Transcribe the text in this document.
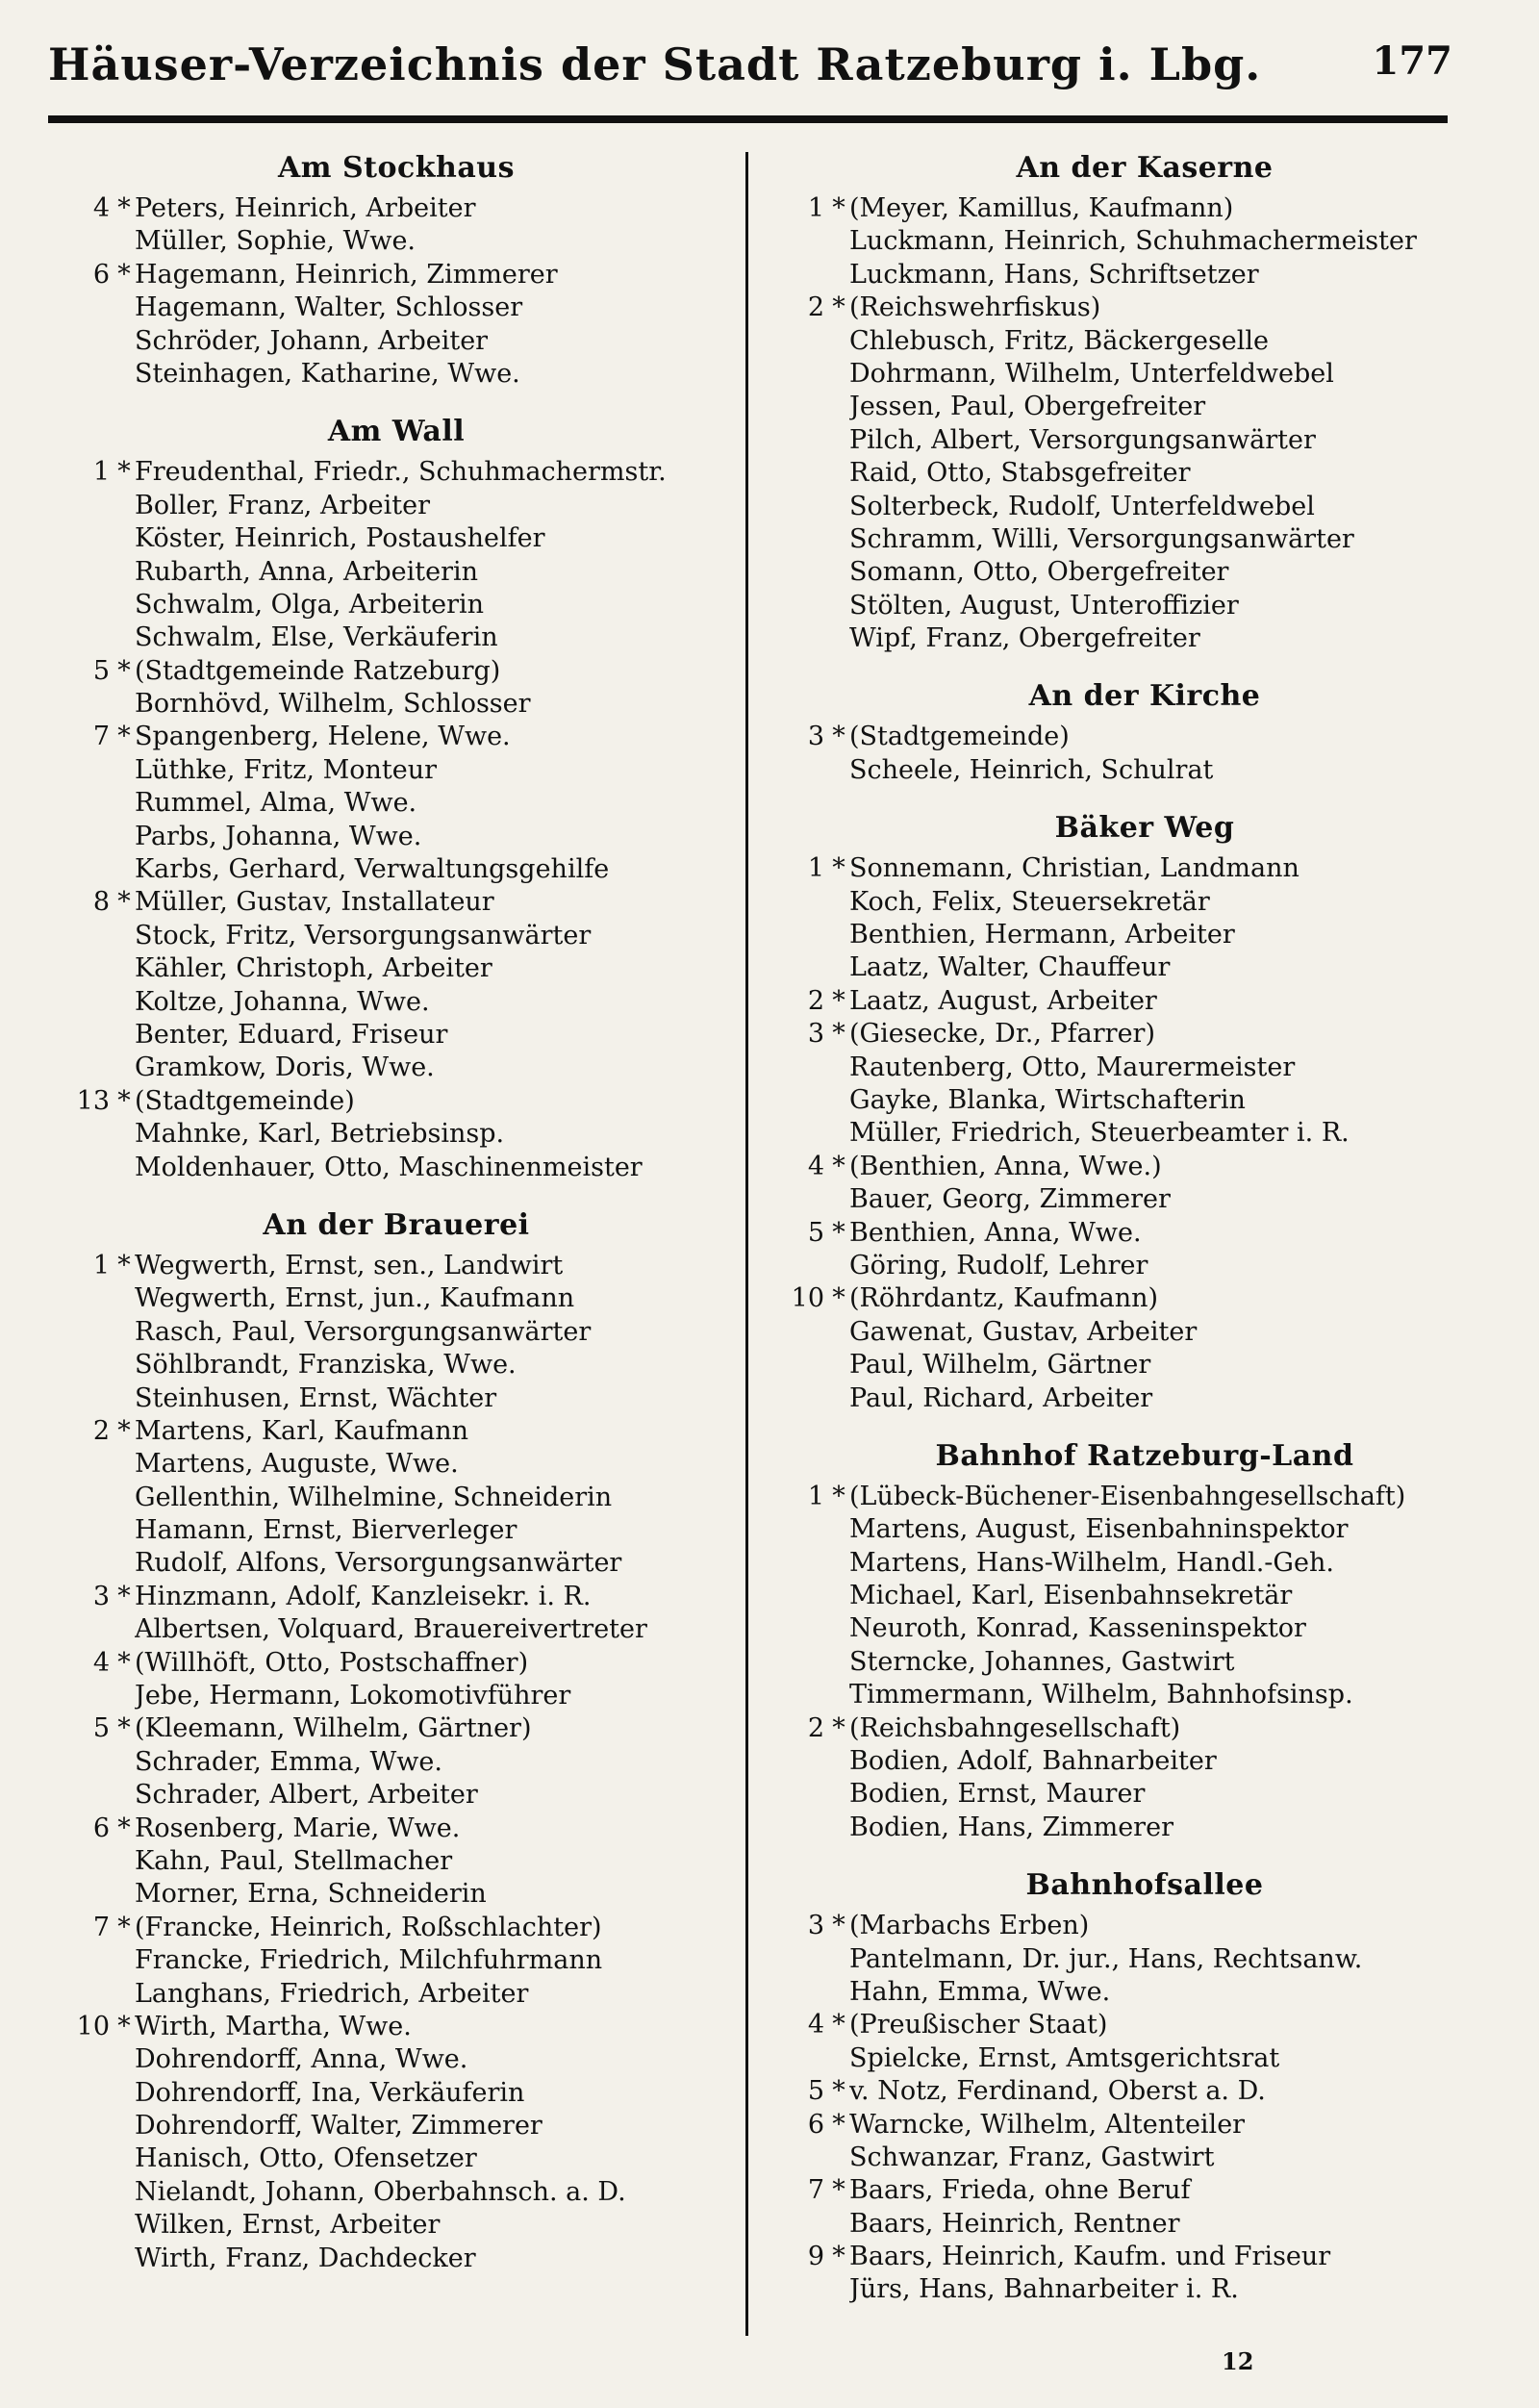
Häuser-Verzeichnis der Stadt Ratzeburg i. Lbg.	177
Am Stockhaus
4 * Peters, Heinrich, Arbeiter
Müller, Sophie, Wwe.
6 * Hagemann, Heinrich, Zimmerer
Hagemann, Walter, Schlosser
Schröder, Johann, Arbeiter
Steinhagen, Katharine, Wwe.
Am Wall
1 * Freudenthal, Friedr., Schuhmachermstr.
Boller, Franz, Arbeiter
Köster, Heinrich, Postaushelfer
Rubarth, Anna, Arbeiterin
Schwalm, Olga, Arbeiterin
Schwalm, Else, Verkäuferin
5 * (Stadtgemeinde Ratzeburg)
Bornhövd, Wilhelm, Schlosser
7 * Spangenberg, Helene, Wwe.
Lüthke, Fritz, Monteur
Rummel, Alma, Wwe.
Parbs, Johanna, Wwe.
Karbs, Gerhard, Verwaltungsgehilfe
8 * Müller, Gustav, Installateur
Stock, Fritz, Versorgungsanwärter
Kähler, Christoph, Arbeiter
Koltze, Johanna, Wwe.
Benter, Eduard, Friseur
Gramkow, Doris, Wwe.
13 * (Stadtgemeinde)
Mahnke, Karl, Betriebsinsp.
Moldenhauer, Otto, Maschinenmeister
An der Brauerei
1 * Wegwerth, Ernst, sen., Landwirt
Wegwerth, Ernst, jun., Kaufmann
Rasch, Paul, Versorgungsanwärter
Söhlbrandt, Franziska, Wwe.
Steinhusen, Ernst, Wächter
2 * Martens, Karl, Kaufmann
Martens, Auguste, Wwe.
Gellenthin, Wilhelmine, Schneiderin
Hamann, Ernst, Bierverleger
Rudolf, Alfons, Versorgungsanwärter
3 * Hinzmann, Adolf, Kanzleisekr. i. R.
Albertsen, Volquard, Brauereivertreter
4 * (Willhöft, Otto, Postschaffner)
Jebe, Hermann, Lokomotivführer
5 * (Kleemann, Wilhelm, Gärtner)
Schrader, Emma, Wwe.
Schrader, Albert, Arbeiter
6 * Rosenberg, Marie, Wwe.
Kahn, Paul, Stellmacher
Morner, Erna, Schneiderin
7 * (Francke, Heinrich, Roßschlachter)
Francke, Friedrich, Milchfuhrmann
Langhans, Friedrich, Arbeiter
10 * Wirth, Martha, Wwe.
Dohrendorff, Anna, Wwe.
Dohrendorff, Ina, Verkäuferin
Dohrendorff, Walter, Zimmerer
Hanisch, Otto, Ofensetzer
Nielandt, Johann, Oberbahnsch. a. D.
Wilken, Ernst, Arbeiter
Wirth, Franz, Dachdecker
An der Kaserne
1 * (Meyer, Kamillus, Kaufmann)
Luckmann, Heinrich, Schuhmachermeister
Luckmann, Hans, Schriftsetzer
2 * (Reichswehrfiskus)
Chlebusch, Fritz, Bäckergeselle
Dohrmann, Wilhelm, Unterfeldwebel
Jessen, Paul, Obergefreiter
Pilch, Albert, Versorgungsanwärter
Raid, Otto, Stabsgefreiter
Solterbeck, Rudolf, Unterfeldwebel
Schramm, Willi, Versorgungsanwärter
Somann, Otto, Obergefreiter
Stölten, August, Unteroffizier
Wipf, Franz, Obergefreiter
An der Kirche
3 * (Stadtgemeinde)
Scheele, Heinrich, Schulrat
Bäker Weg
1 * Sonnemann, Christian, Landmann
Koch, Felix, Steuersekretär
Benthien, Hermann, Arbeiter
Laatz, Walter, Chauffeur
2 * Laatz, August, Arbeiter
3 * (Giesecke, Dr., Pfarrer)
Rautenberg, Otto, Maurermeister
Gayke, Blanka, Wirtschafterin
Müller, Friedrich, Steuerbeamter i. R.
4 * (Benthien, Anna, Wwe.)
Bauer, Georg, Zimmerer
5 * Benthien, Anna, Wwe.
Göring, Rudolf, Lehrer
10 * (Röhrdantz, Kaufmann)
Gawenat, Gustav, Arbeiter
Paul, Wilhelm, Gärtner
Paul, Richard, Arbeiter
Bahnhof Ratzeburg-Land
1 * (Lübeck-Büchener-Eisenbahngesellschaft)
Martens, August, Eisenbahninspektor
Martens, Hans-Wilhelm, Handl.-Geh.
Michael, Karl, Eisenbahnsekretär
Neuroth, Konrad, Kasseninspektor
Sterncke, Johannes, Gastwirt
Timmermann, Wilhelm, Bahnhofsinsp.
2 * (Reichsbahngesellschaft)
Bodien, Adolf, Bahnarbeiter
Bodien, Ernst, Maurer
Bodien, Hans, Zimmerer
Bahnhofsallee
3 * (Marbachs Erben)
Pantelmann, Dr. jur., Hans, Rechtsanw.
Hahn, Emma, Wwe.
4 * (Preußischer Staat)
Spielcke, Ernst, Amtsgerichtsrat
5 * v. Notz, Ferdinand, Oberst a. D.
6 * Warncke, Wilhelm, Altenteiler
Schwanzar, Franz, Gastwirt
7 * Baars, Frieda, ohne Beruf
Baars, Heinrich, Rentner
9 * Baars, Heinrich, Kaufm. und Friseur
Jürs, Hans, Bahnarbeiter i. R.
12
